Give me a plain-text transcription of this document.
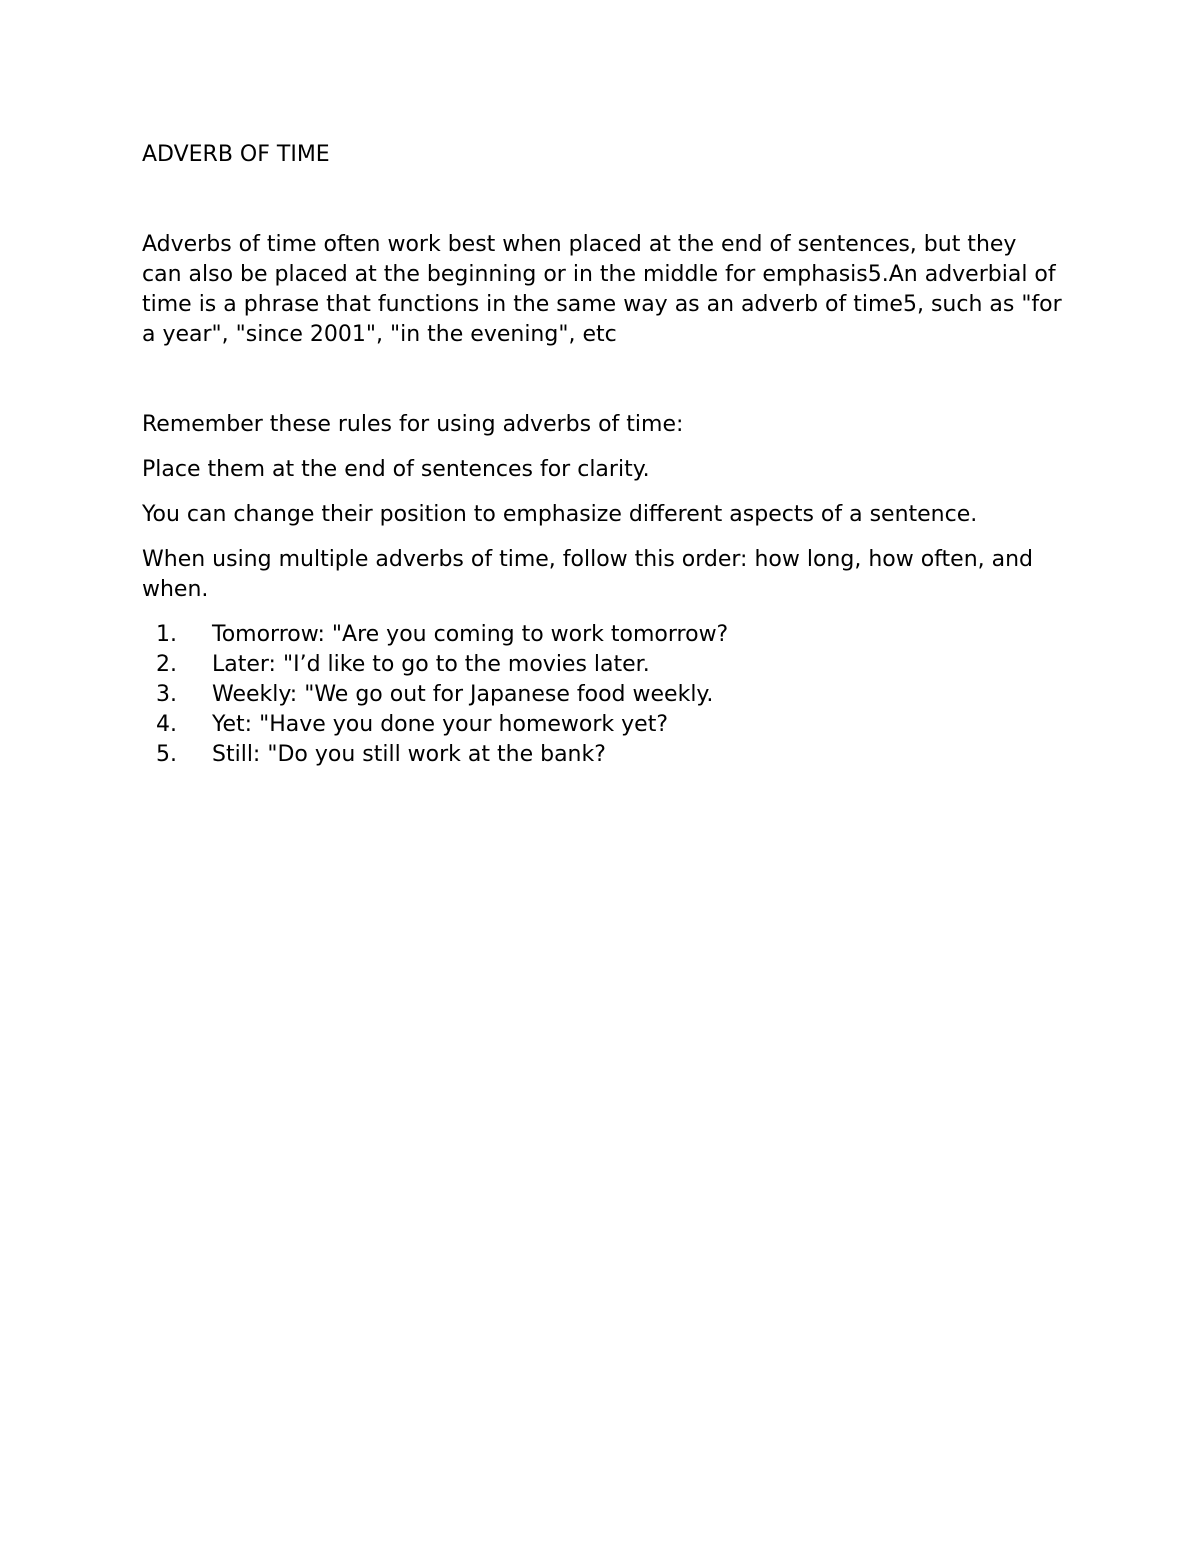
ADVERB OF TIME

Adverbs of time often work best when placed at the end of sentences, but they can also be placed at the beginning or in the middle for emphasis5.An adverbial of time is a phrase that functions in the same way as an adverb of time5, such as "for a year", "since 2001", "in the evening", etc

Remember these rules for using adverbs of time:

Place them at the end of sentences for clarity.

You can change their position to emphasize different aspects of a sentence.

When using multiple adverbs of time, follow this order: how long, how often, and when.

1.	Tomorrow: "Are you coming to work tomorrow?
2.	Later: "I’d like to go to the movies later.
3.	Weekly: "We go out for Japanese food weekly.
4.	Yet: "Have you done your homework yet?
5.	Still: "Do you still work at the bank?
